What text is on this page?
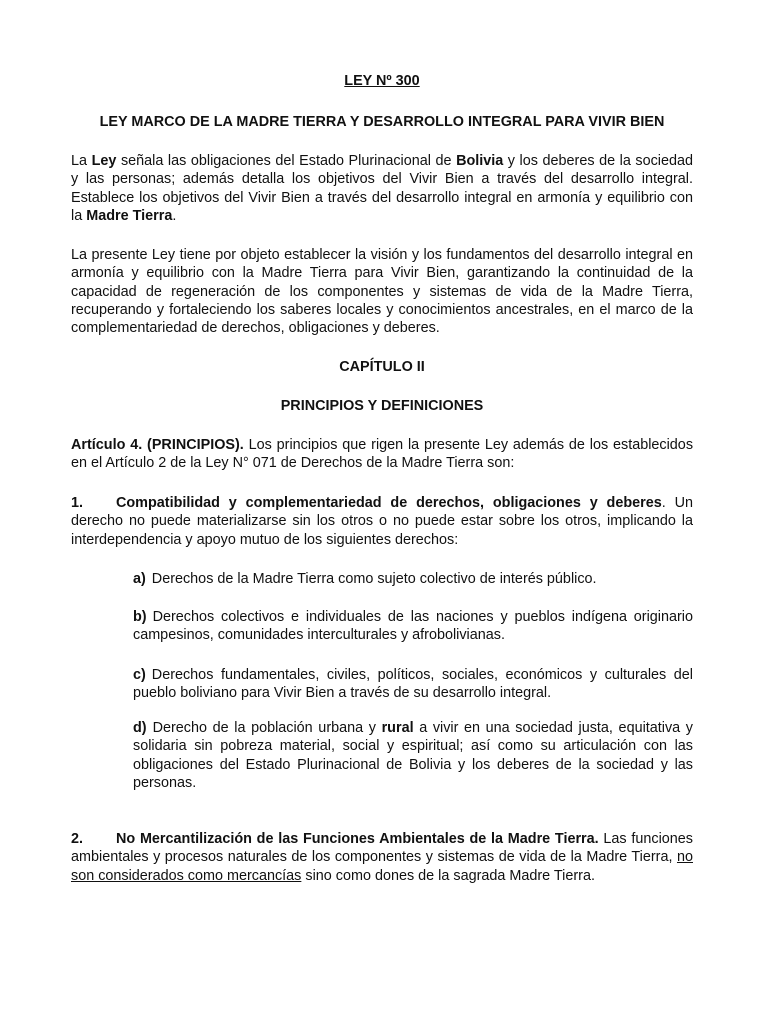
LEY Nº 300

LEY MARCO DE LA MADRE TIERRA Y DESARROLLO INTEGRAL PARA VIVIR BIEN

La Ley señala las obligaciones del Estado Plurinacional de Bolivia y los deberes de la sociedad y las personas; además detalla los objetivos del Vivir Bien a través del desarrollo integral. Establece los objetivos del Vivir Bien a través del desarrollo integral en armonía y equilibrio con la Madre Tierra.

La presente Ley tiene por objeto establecer la visión y los fundamentos del desarrollo integral en armonía y equilibrio con la Madre Tierra para Vivir Bien, garantizando la continuidad de la capacidad de regeneración de los componentes y sistemas de vida de la Madre Tierra, recuperando y fortaleciendo los saberes locales y conocimientos ancestrales, en el marco de la complementariedad de derechos, obligaciones y deberes.

CAPÍTULO II

PRINCIPIOS Y DEFINICIONES

Artículo 4. (PRINCIPIOS). Los principios que rigen la presente Ley además de los establecidos en el Artículo 2 de la Ley N° 071 de Derechos de la Madre Tierra son:

1. Compatibilidad y complementariedad de derechos, obligaciones y deberes. Un derecho no puede materializarse sin los otros o no puede estar sobre los otros, implicando la interdependencia y apoyo mutuo de los siguientes derechos:

a) Derechos de la Madre Tierra como sujeto colectivo de interés público.

b) Derechos colectivos e individuales de las naciones y pueblos indígena originario campesinos, comunidades interculturales y afrobolivianas.

c) Derechos fundamentales, civiles, políticos, sociales, económicos y culturales del pueblo boliviano para Vivir Bien a través de su desarrollo integral.

d) Derecho de la población urbana y rural a vivir en una sociedad justa, equitativa y solidaria sin pobreza material, social y espiritual; así como su articulación con las obligaciones del Estado Plurinacional de Bolivia y los deberes de la sociedad y las personas.

2. No Mercantilización de las Funciones Ambientales de la Madre Tierra. Las funciones ambientales y procesos naturales de los componentes y sistemas de vida de la Madre Tierra, no son considerados como mercancías sino como dones de la sagrada Madre Tierra.
